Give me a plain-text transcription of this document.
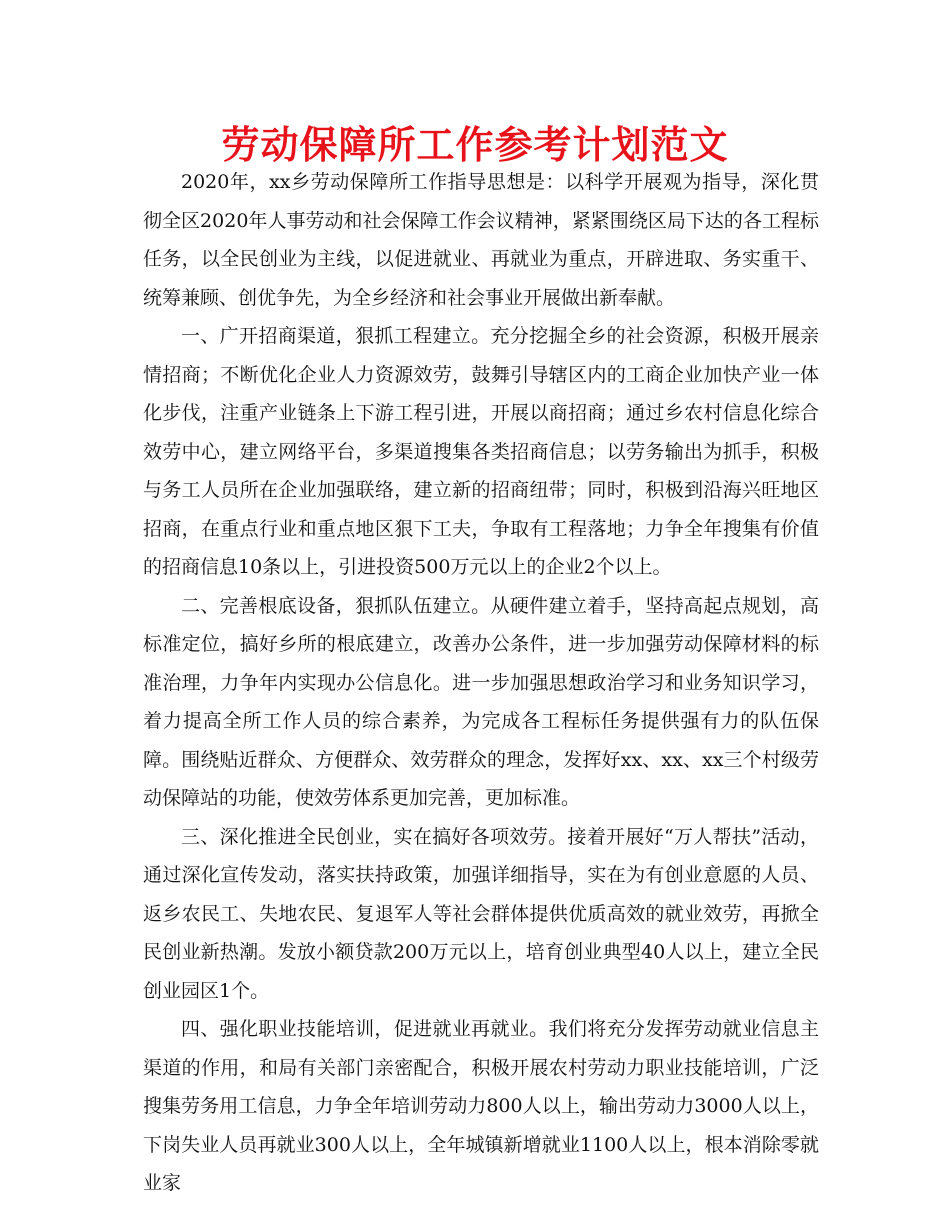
劳动保障所工作参考计划范文

2020年，xx乡劳动保障所工作指导思想是：以科学开展观为指导，深化贯彻全区2020年人事劳动和社会保障工作会议精神，紧紧围绕区局下达的各工程标任务，以全民创业为主线，以促进就业、再就业为重点，开辟进取、务实重干、统筹兼顾、创优争先，为全乡经济和社会事业开展做出新奉献。

一、广开招商渠道，狠抓工程建立。充分挖掘全乡的社会资源，积极开展亲情招商；不断优化企业人力资源效劳，鼓舞引导辖区内的工商企业加快产业一体化步伐，注重产业链条上下游工程引进，开展以商招商；通过乡农村信息化综合效劳中心，建立网络平台，多渠道搜集各类招商信息；以劳务输出为抓手，积极与务工人员所在企业加强联络，建立新的招商纽带；同时，积极到沿海兴旺地区招商，在重点行业和重点地区狠下工夫，争取有工程落地；力争全年搜集有价值的招商信息10条以上，引进投资500万元以上的企业2个以上。

二、完善根底设备，狠抓队伍建立。从硬件建立着手，坚持高起点规划，高标准定位，搞好乡所的根底建立，改善办公条件，进一步加强劳动保障材料的标准治理，力争年内实现办公信息化。进一步加强思想政治学习和业务知识学习，着力提高全所工作人员的综合素养，为完成各工程标任务提供强有力的队伍保障。围绕贴近群众、方便群众、效劳群众的理念，发挥好xx、xx、xx三个村级劳动保障站的功能，使效劳体系更加完善，更加标准。

三、深化推进全民创业，实在搞好各项效劳。接着开展好“万人帮扶”活动，通过深化宣传发动，落实扶持政策，加强详细指导，实在为有创业意愿的人员、返乡农民工、失地农民、复退军人等社会群体提供优质高效的就业效劳，再掀全民创业新热潮。发放小额贷款200万元以上，培育创业典型40人以上，建立全民创业园区1个。

四、强化职业技能培训，促进就业再就业。我们将充分发挥劳动就业信息主渠道的作用，和局有关部门亲密配合，积极开展农村劳动力职业技能培训，广泛搜集劳务用工信息，力争全年培训劳动力800人以上，输出劳动力3000人以上，下岗失业人员再就业300人以上，全年城镇新增就业1100人以上，根本消除零就业家
